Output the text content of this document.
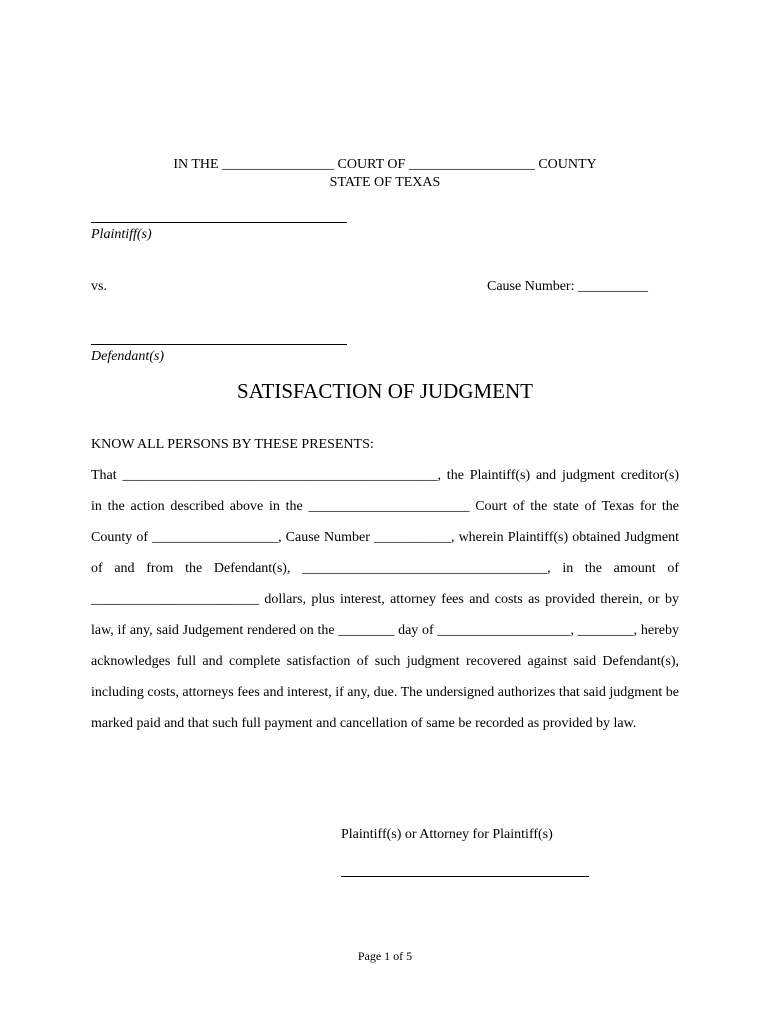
IN THE ________________ COURT OF __________________ COUNTY
STATE OF TEXAS
Plaintiff(s)
vs.	Cause Number: __________
Defendant(s)
SATISFACTION OF JUDGMENT
KNOW ALL PERSONS BY THESE PRESENTS:

That _____________________________________________, the Plaintiff(s) and judgment creditor(s) in the action described above in the _______________________ Court of the state of Texas for the County of __________________, Cause Number ___________, wherein Plaintiff(s) obtained Judgment of and from the Defendant(s), ___________________________________, in the amount of ________________________ dollars, plus interest, attorney fees and costs as provided therein, or by law, if any, said Judgement rendered on the ________ day of ___________________, ________, hereby acknowledges full and complete satisfaction of such judgment recovered against said Defendant(s), including costs, attorneys fees and interest, if any, due. The undersigned authorizes that said judgment be marked paid and that such full payment and cancellation of same be recorded as provided by law.

Plaintiff(s) or Attorney for Plaintiff(s)
Page 1 of 5
